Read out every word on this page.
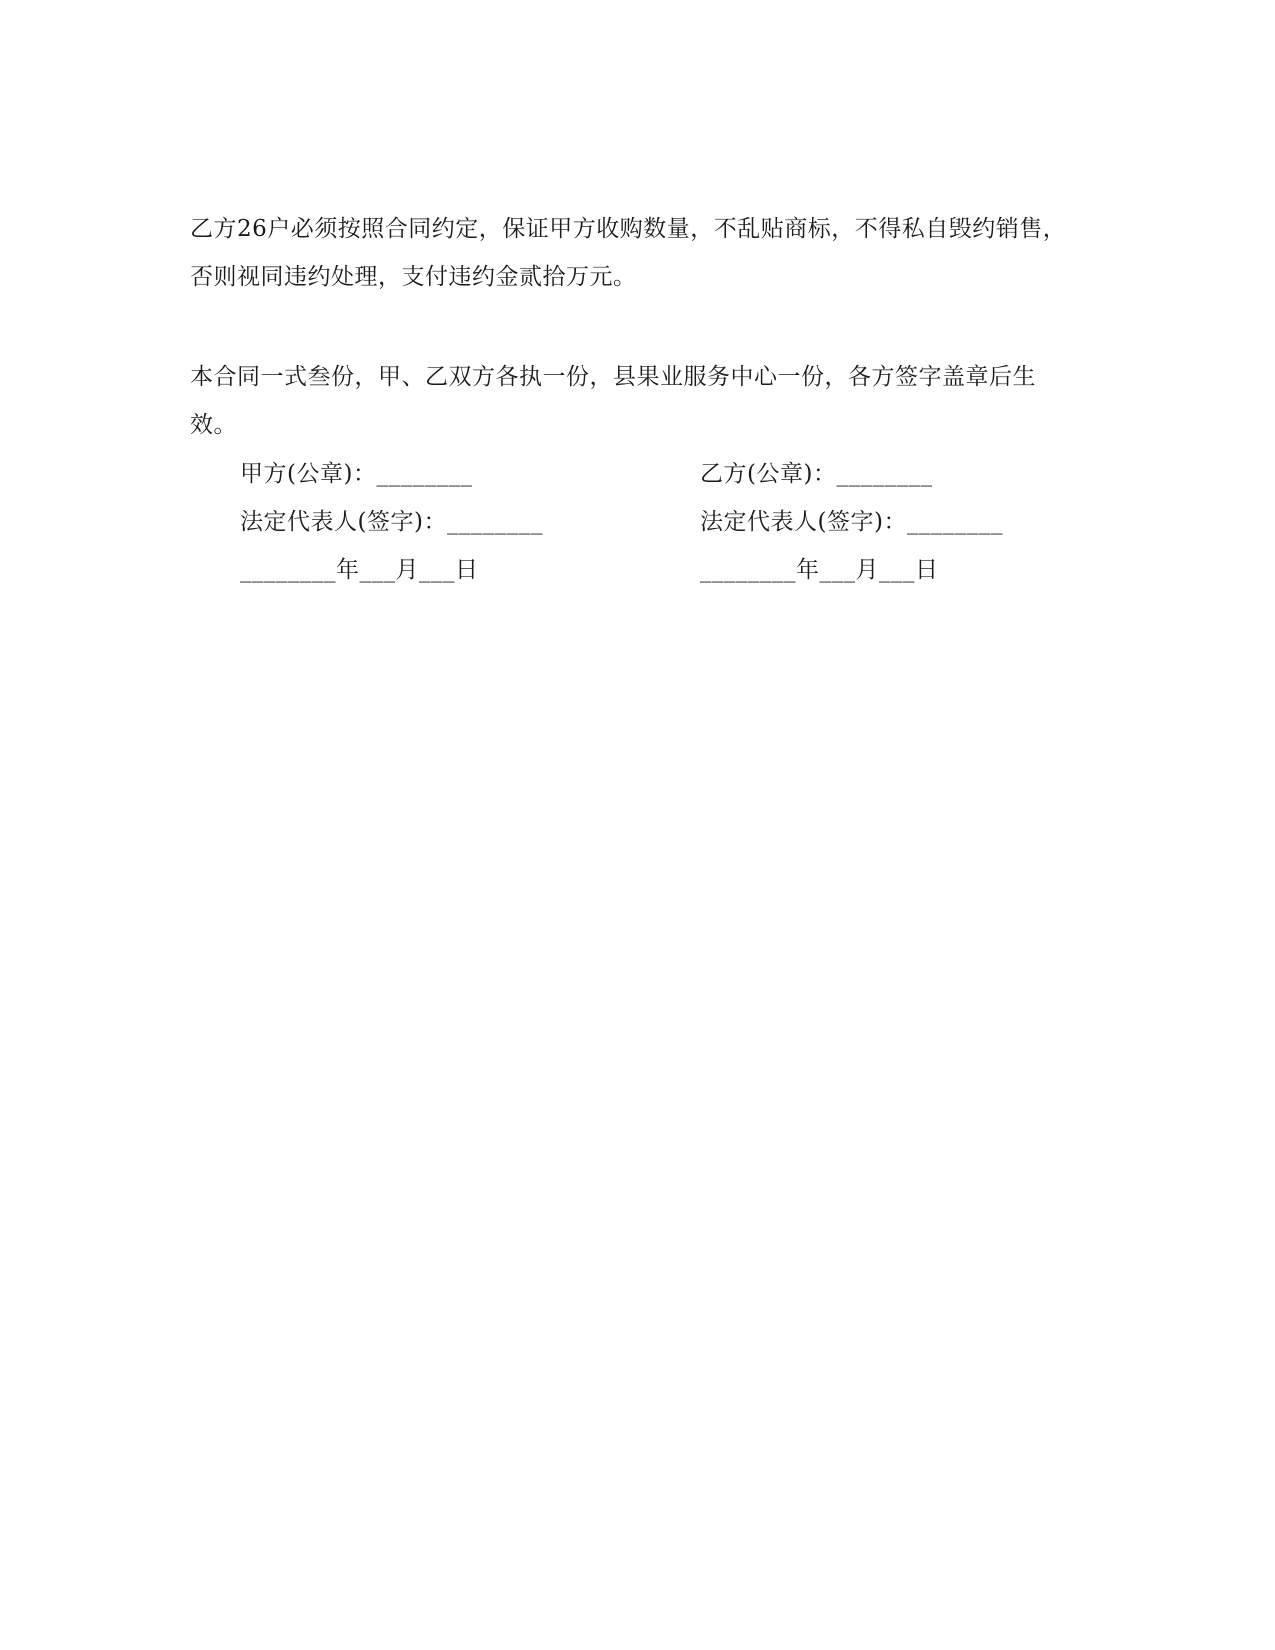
乙方26户必须按照合同约定，保证甲方收购数量，不乱贴商标，不得私自毁约销售，否则视同违约处理，支付违约金贰拾万元。

本合同一式叁份，甲、乙双方各执一份，县果业服务中心一份，各方签字盖章后生效。

甲方(公章)：________
法定代表人(签字)：________
________年___月___日
乙方(公章)：________
法定代表人(签字)：________
________年___月___日
